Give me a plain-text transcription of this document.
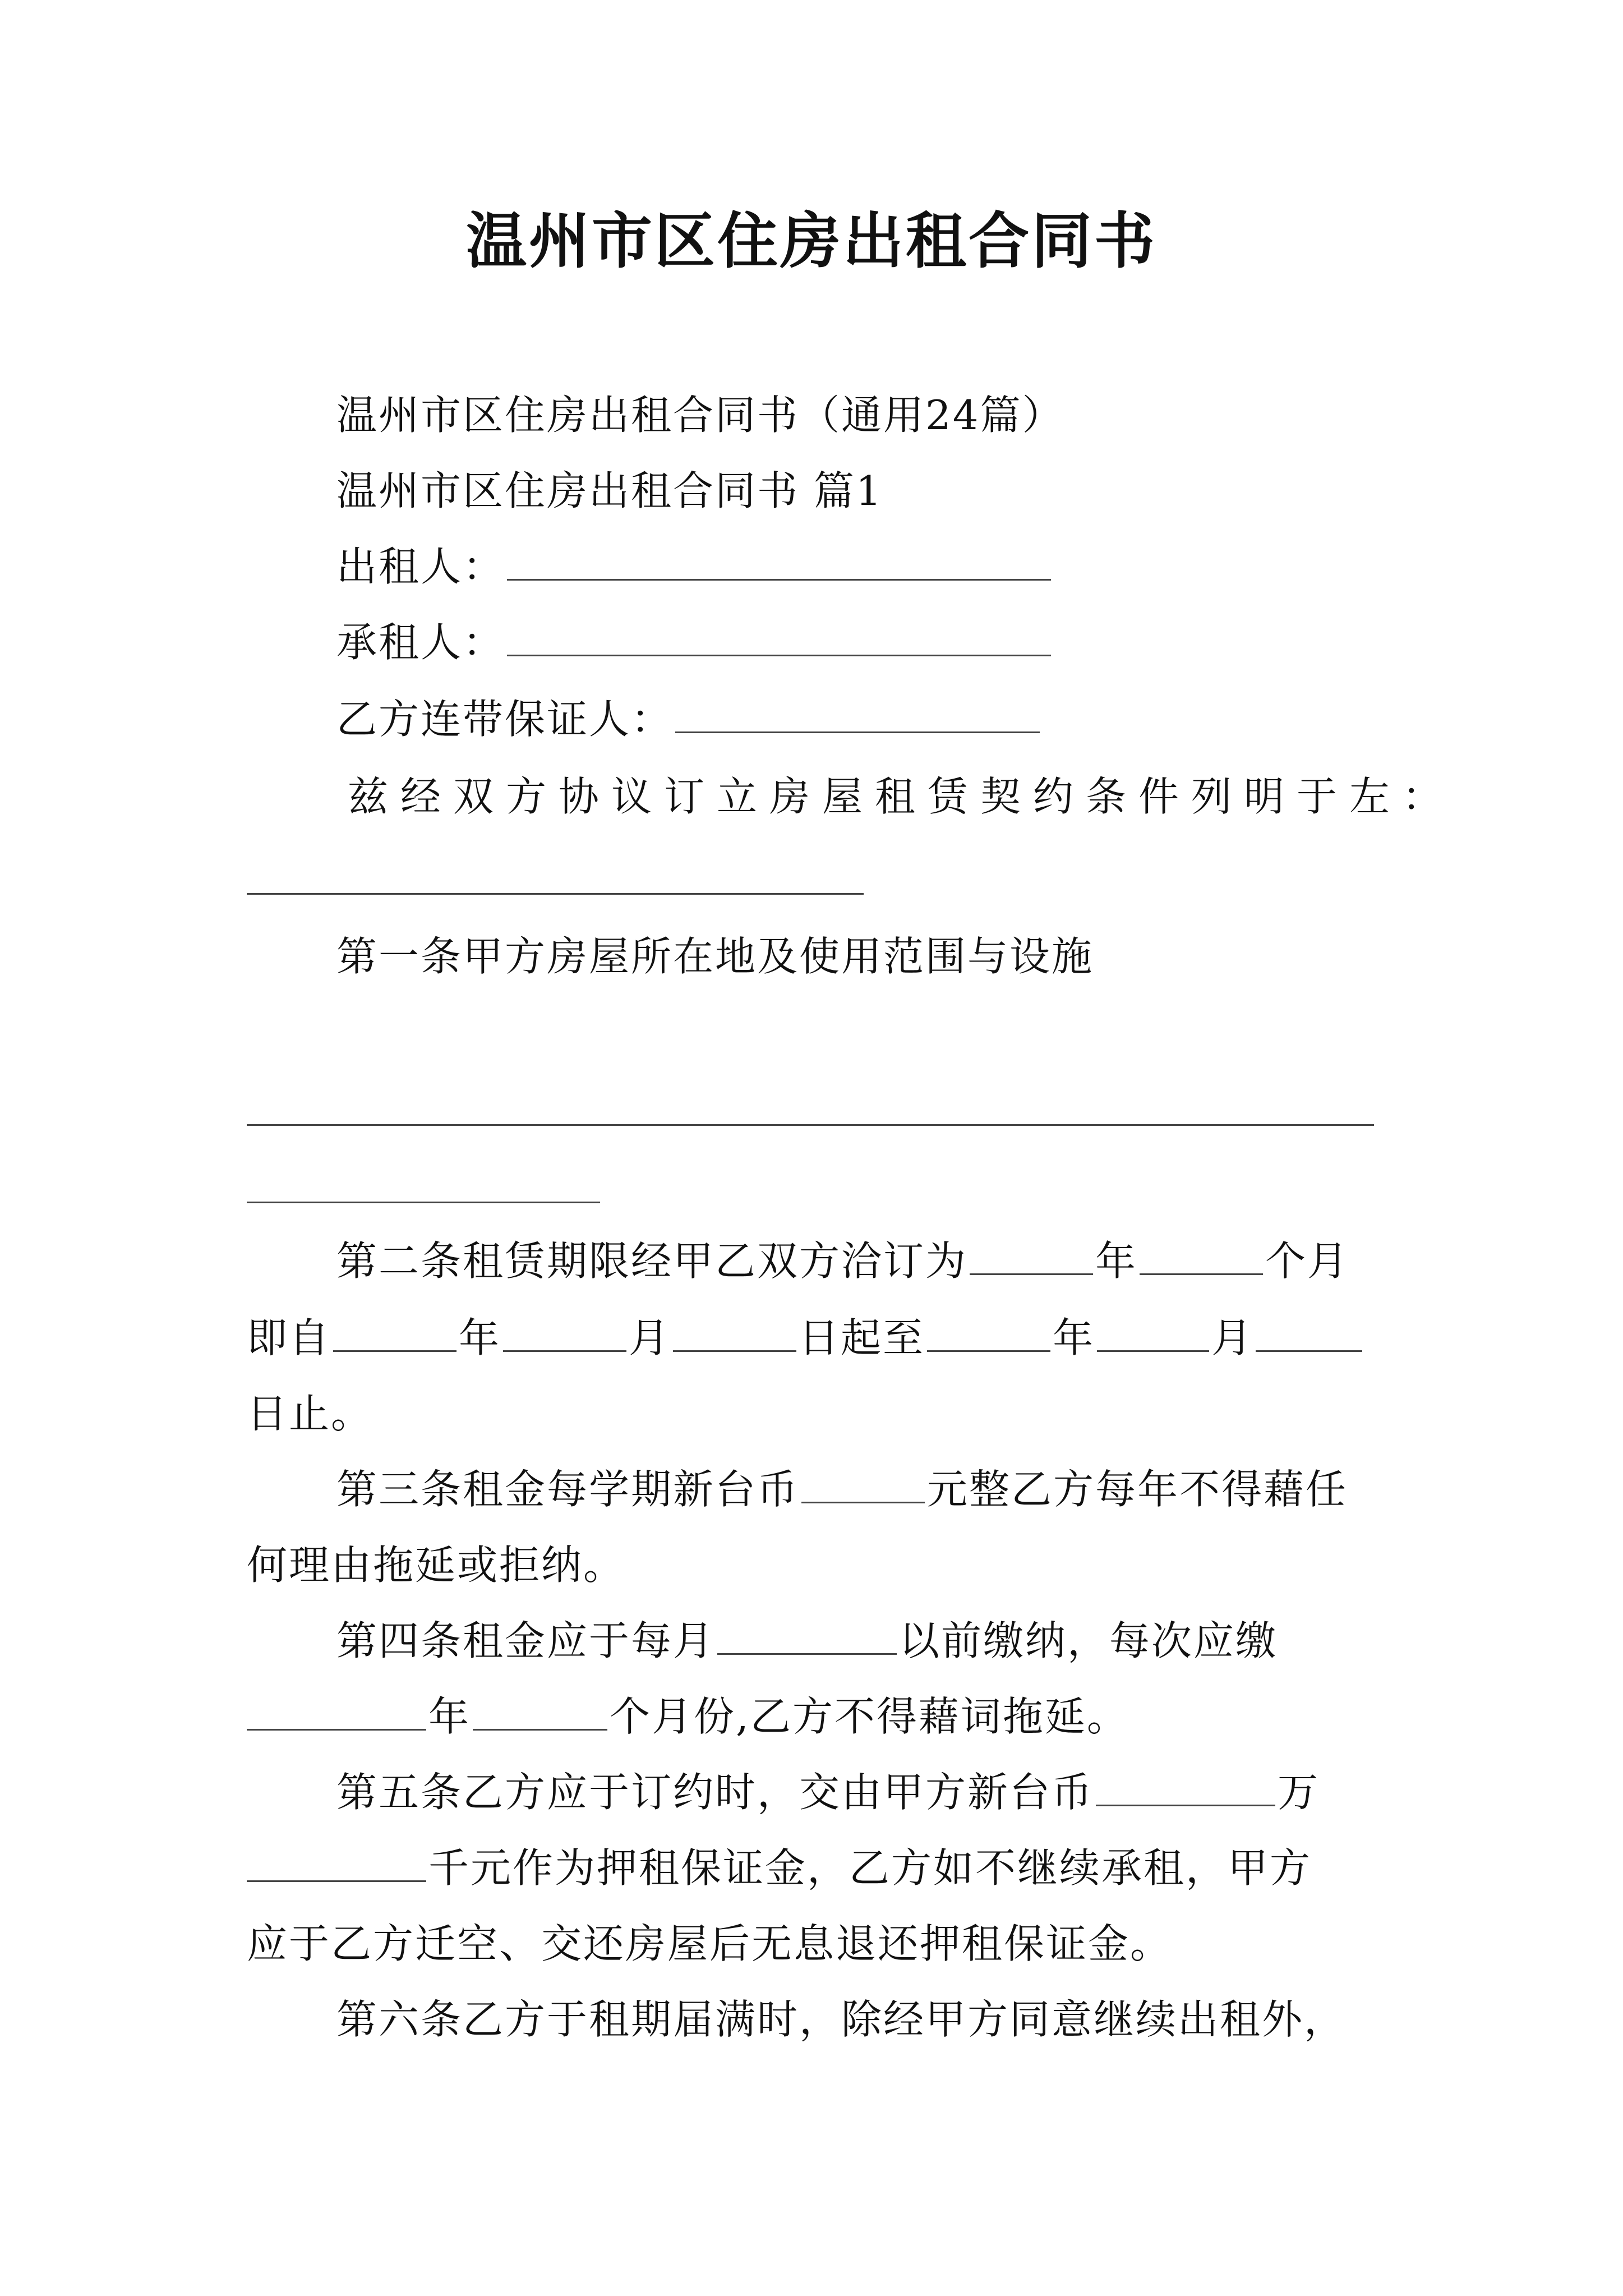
温州市区住房出租合同书
温州市区住房出租合同书（通用24篇）
温州市区住房出租合同书 篇1
出租人：
承租人：
乙方连带保证人：
兹经双方协议订立房屋租赁契约条件列明于左：
第一条甲方房屋所在地及使用范围与设施
第二条租赁期限经甲乙双方洽订为	年	个月
即自	年	月	日起至	年	月
日止。
第三条租金每学期新台币	元整乙方每年不得藉任
何理由拖延或拒纳。
第四条租金应于每月	以前缴纳，每次应缴
年	个月份,乙方不得藉词拖延。
第五条乙方应于订约时，交由甲方新台币	万
千元作为押租保证金，乙方如不继续承租，甲方
应于乙方迁空、交还房屋后无息退还押租保证金。
第六条乙方于租期届满时，除经甲方同意继续出租外，
